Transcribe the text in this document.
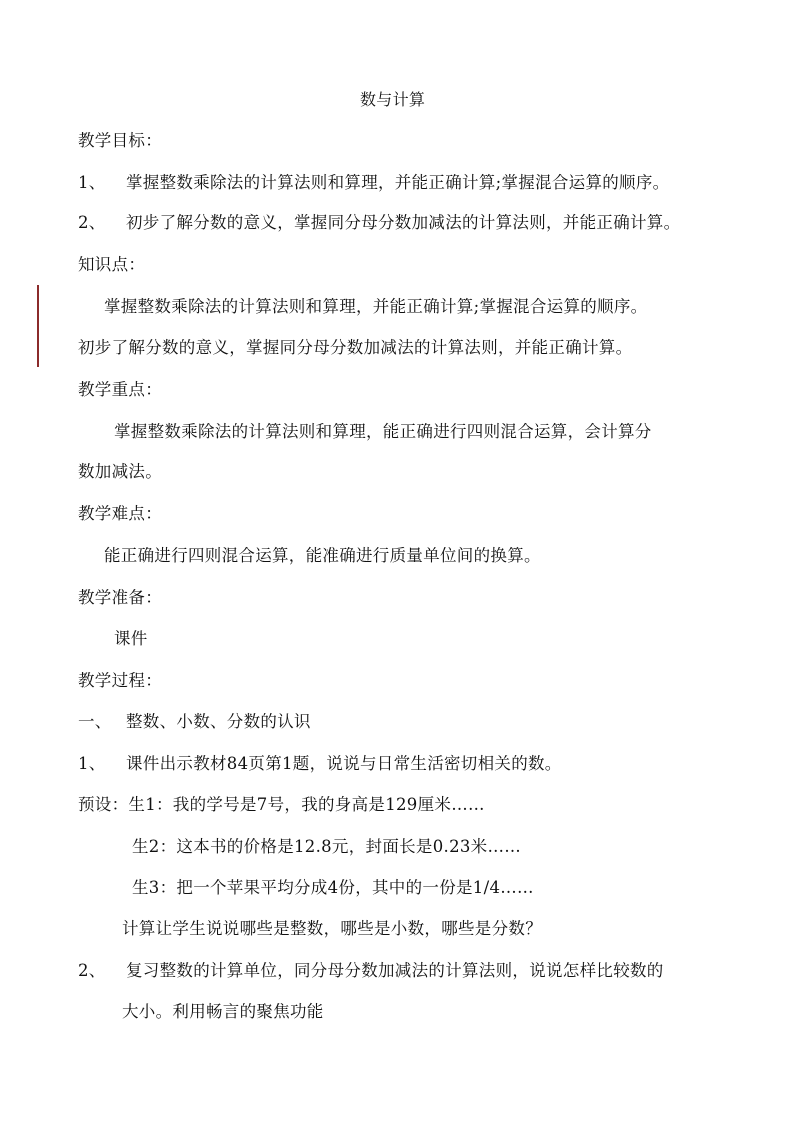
数与计算
教学目标：
1、 掌握整数乘除法的计算法则和算理，并能正确计算;掌握混合运算的顺序。
2、 初步了解分数的意义，掌握同分母分数加减法的计算法则，并能正确计算。
知识点：
掌握整数乘除法的计算法则和算理，并能正确计算;掌握混合运算的顺序。
初步了解分数的意义，掌握同分母分数加减法的计算法则，并能正确计算。
教学重点：
掌握整数乘除法的计算法则和算理，能正确进行四则混合运算，会计算分
数加减法。
教学难点：
能正确进行四则混合运算，能准确进行质量单位间的换算。
教学准备：
课件
教学过程：
一、 整数、小数、分数的认识
1、 课件出示教材84页第1题，说说与日常生活密切相关的数。
预设：生1：我的学号是7号，我的身高是129厘米……
生2：这本书的价格是12.8元，封面长是0.23米……
生3：把一个苹果平均分成4份，其中的一份是1/4……
计算让学生说说哪些是整数，哪些是小数，哪些是分数？
2、 复习整数的计算单位，同分母分数加减法的计算法则，说说怎样比较数的
大小。利用畅言的聚焦功能
